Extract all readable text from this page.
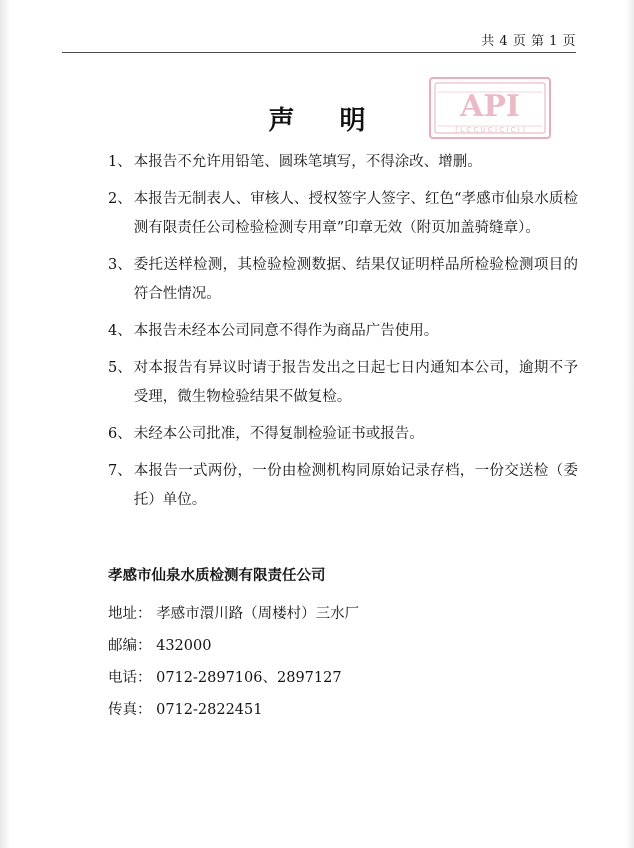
共 4 页 第 1 页
声 明	API
[ L C C U C I C I C I ]
1、 本报告不允许用铅笔、圆珠笔填写，不得涂改、增删。
2、 本报告无制表人、审核人、授权签字人签字、红色“孝感市仙泉水质检测有限责任公司检验检测专用章”印章无效（附页加盖骑缝章）。
3、 委托送样检测，其检验检测数据、结果仅证明样品所检验检测项目的符合性情况。
4、 本报告未经本公司同意不得作为商品广告使用。
5、 对本报告有异议时请于报告发出之日起七日内通知本公司，逾期不予受理，微生物检验结果不做复检。
6、 未经本公司批准，不得复制检验证书或报告。
7、 本报告一式两份，一份由检测机构同原始记录存档，一份交送检（委托）单位。
孝感市仙泉水质检测有限责任公司
地址： 孝感市澴川路（周楼村）三水厂
邮编： 432000
电话： 0712-2897106、2897127
传真： 0712-2822451
